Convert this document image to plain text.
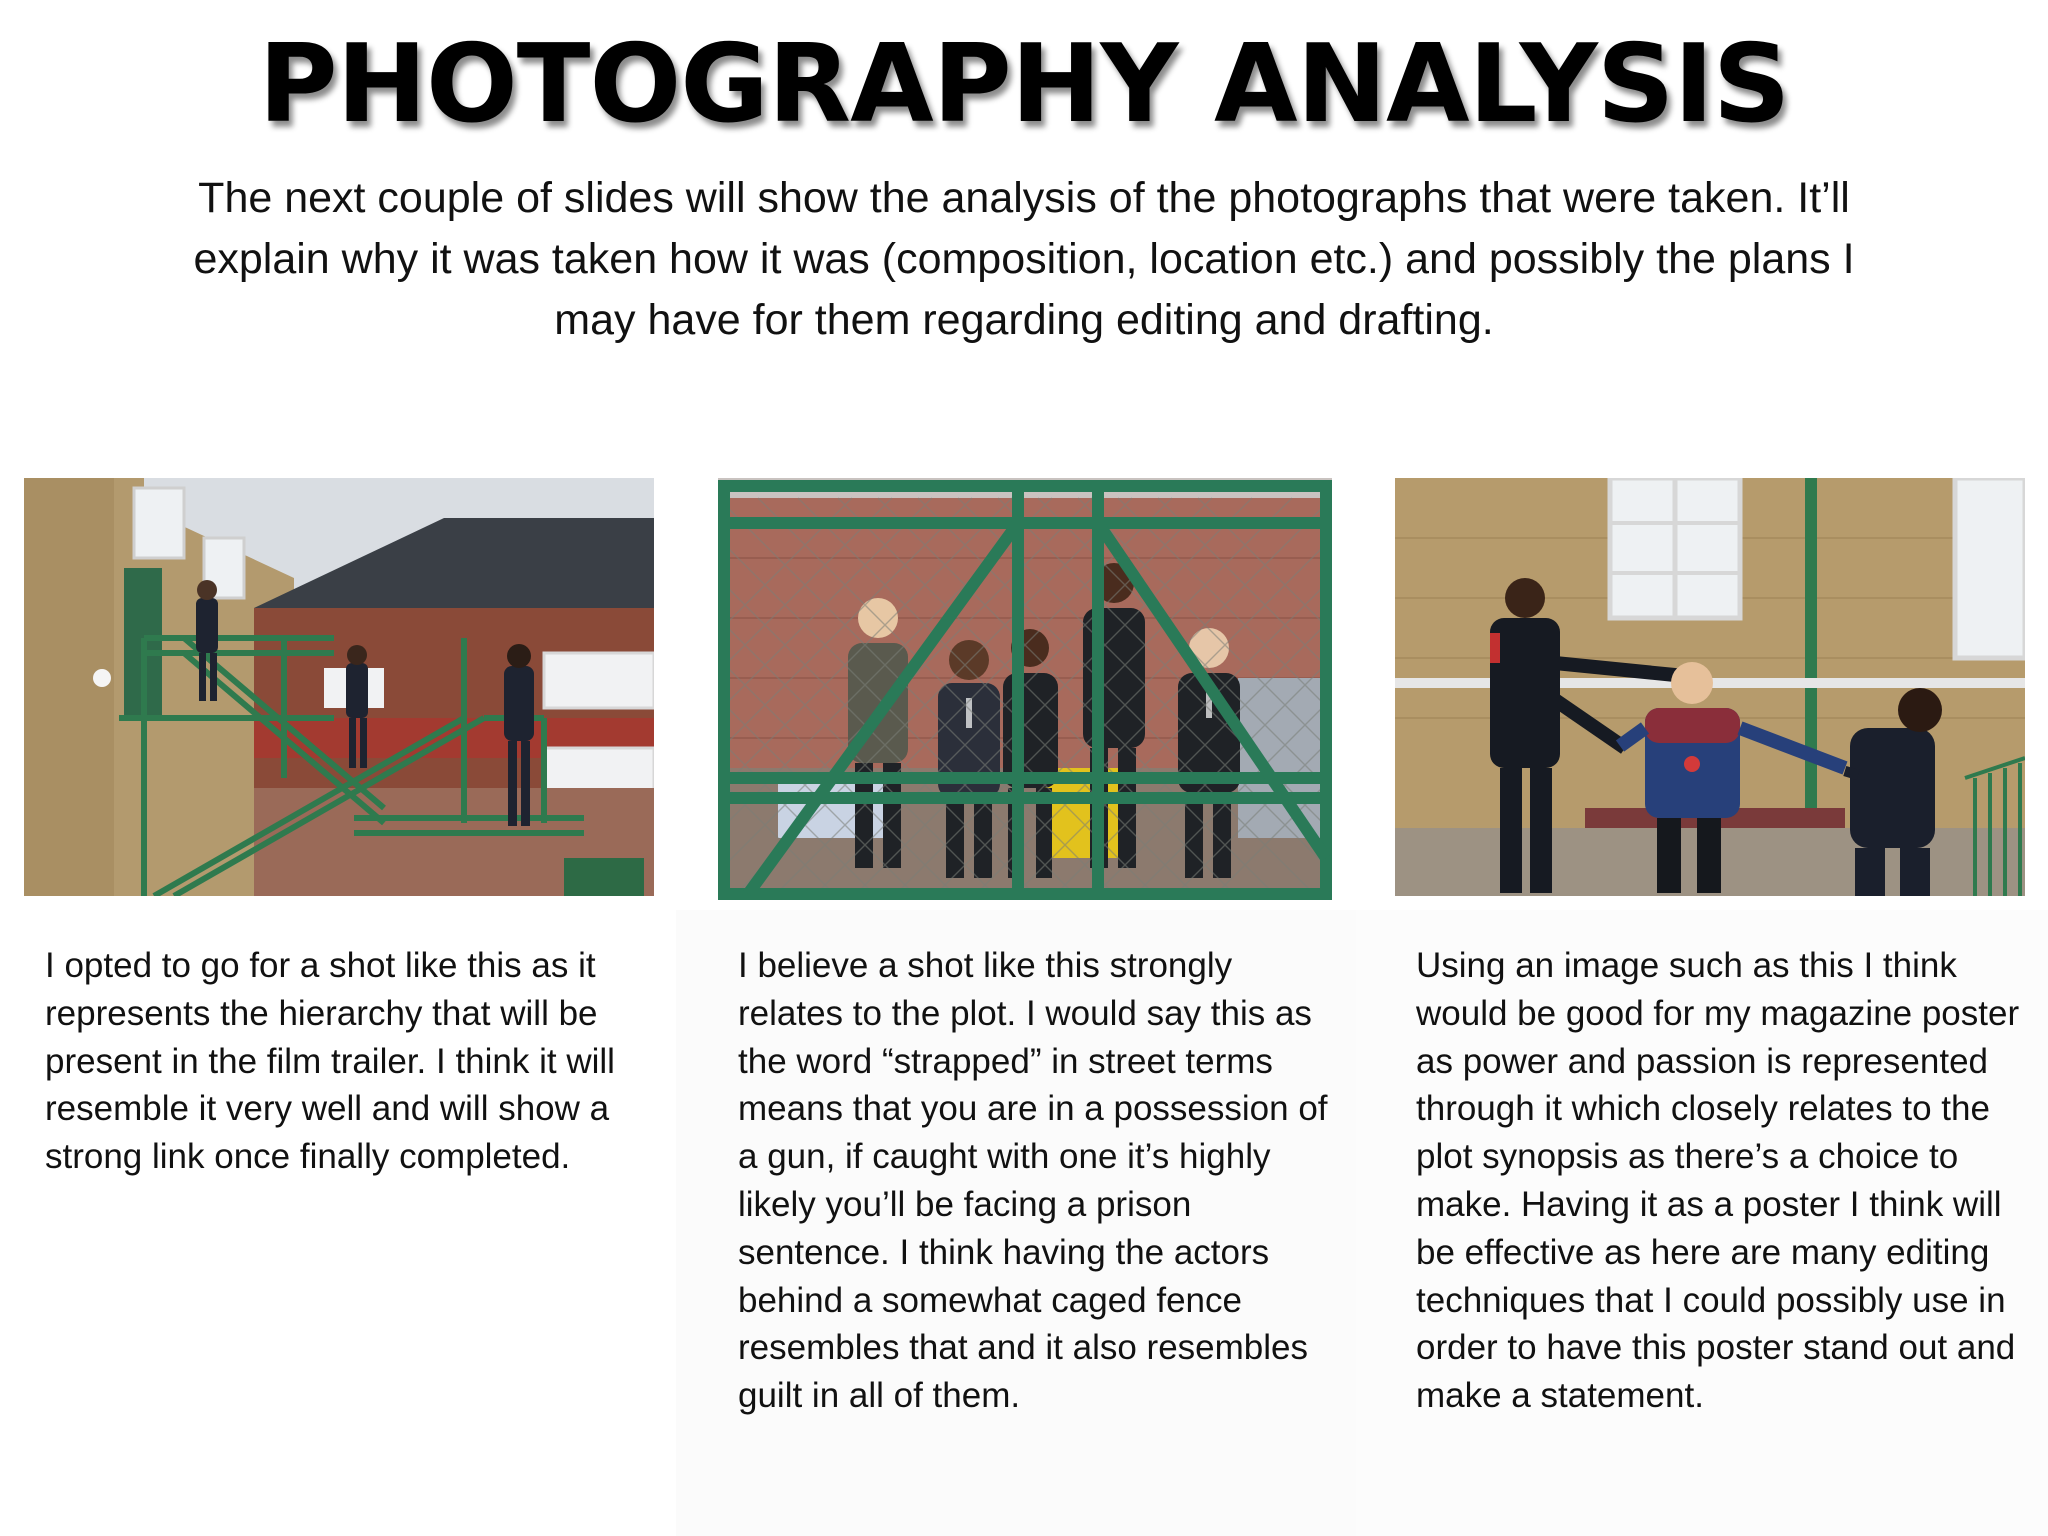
PHOTOGRAPHY ANALYSIS
The next couple of slides will show the analysis of the photographs that were taken. It’ll explain why it was taken how it was (composition, location etc.) and possibly the plans I may have for them regarding editing and drafting.
I opted to go for a shot like this as it represents the hierarchy that will be present in the film trailer. I think it will resemble it very well and will show a strong link once finally completed.
I believe a shot like this strongly relates to the plot. I would say this as the word “strapped” in street terms means that you are in a possession of a gun, if caught with one it’s highly likely you’ll be facing a prison sentence. I think having the actors behind a somewhat caged fence resembles that and it also resembles guilt in all of them.
Using an image such as this I think would be good for my magazine poster as power and passion is represented through it which closely relates to the plot synopsis as there’s a choice to make. Having it as a poster I think will be effective as here are many editing techniques that I could possibly use in order to have this poster stand out and make a statement.
